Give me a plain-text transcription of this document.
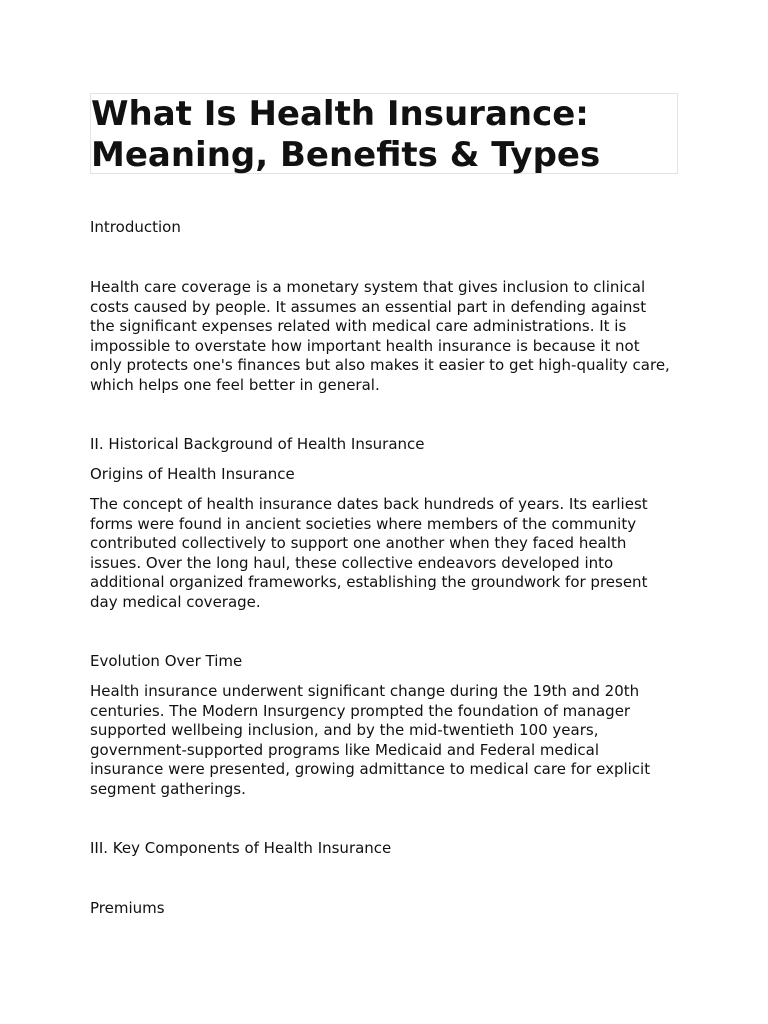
What Is Health Insurance:
Meaning, Benefits & Types

Introduction

Health care coverage is a monetary system that gives inclusion to clinical
costs caused by people. It assumes an essential part in defending against
the significant expenses related with medical care administrations. It is
impossible to overstate how important health insurance is because it not
only protects one's finances but also makes it easier to get high-quality care,
which helps one feel better in general.

II. Historical Background of Health Insurance

Origins of Health Insurance

The concept of health insurance dates back hundreds of years. Its earliest
forms were found in ancient societies where members of the community
contributed collectively to support one another when they faced health
issues. Over the long haul, these collective endeavors developed into
additional organized frameworks, establishing the groundwork for present
day medical coverage.

Evolution Over Time

Health insurance underwent significant change during the 19th and 20th
centuries. The Modern Insurgency prompted the foundation of manager
supported wellbeing inclusion, and by the mid-twentieth 100 years,
government-supported programs like Medicaid and Federal medical
insurance were presented, growing admittance to medical care for explicit
segment gatherings.

III. Key Components of Health Insurance

Premiums
